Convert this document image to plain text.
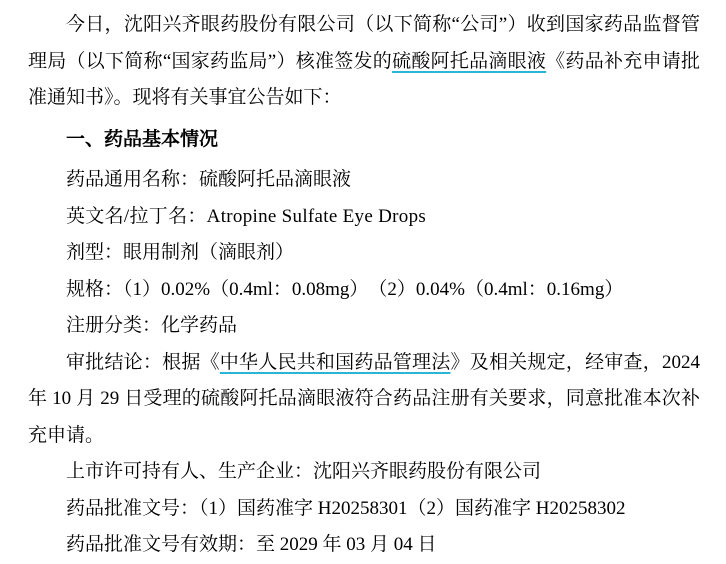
今日，沈阳兴齐眼药股份有限公司（以下简称“公司”）收到国家药品监督管理局（以下简称“国家药监局”）核准签发的硫酸阿托品滴眼液《药品补充申请批准通知书》。现将有关事宜公告如下：

一、药品基本情况

药品通用名称：硫酸阿托品滴眼液

英文名/拉丁名：Atropine Sulfate Eye Drops

剂型：眼用制剂（滴眼剂）

规格：（1）0.02%（0.4ml：0.08mg）　（2）0.04%（0.4ml：0.16mg）

注册分类：化学药品

审批结论：根据《中华人民共和国药品管理法》及相关规定，经审查，2024 年 10 月 29 日受理的硫酸阿托品滴眼液符合药品注册有关要求，同意批准本次补充申请。

上市许可持有人、生产企业：沈阳兴齐眼药股份有限公司

药品批准文号：（1）国药准字 H20258301（2）国药准字 H20258302

药品批准文号有效期：至 2029 年 03 月 04 日
